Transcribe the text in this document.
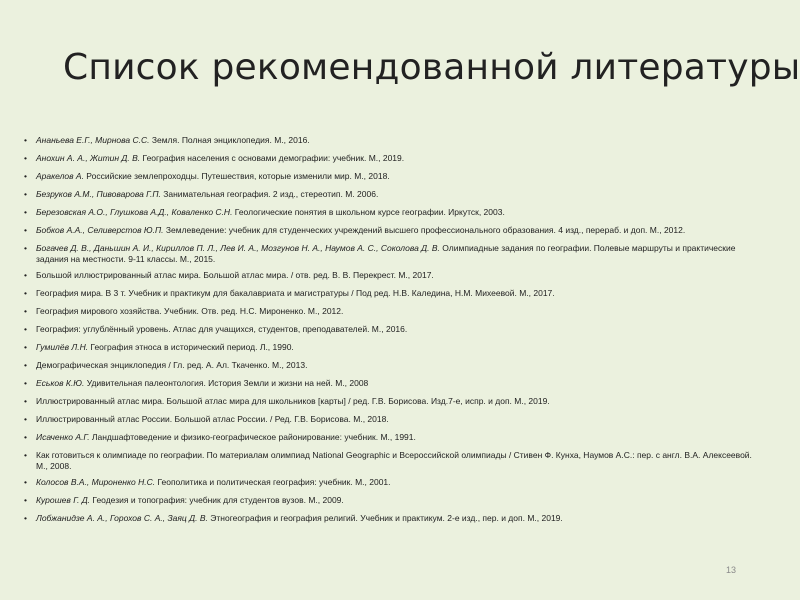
Список рекомендованной литературы
• Ананьева Е.Г., Мирнова С.С. Земля. Полная энциклопедия. М., 2016.
• Анохин А. А., Житин Д. В. География населения с основами демографии: учебник. М., 2019.
• Аракелов А. Российские землепроходцы. Путешествия, которые изменили мир. М., 2018.
• Безруков А.М., Пивоварова Г.П. Занимательная география. 2 изд., стереотип. М. 2006.
• Березовская А.О., Глушкова А.Д., Коваленко С.Н. Геологические понятия в школьном курсе географии. Иркутск, 2003.
• Бобков А.А., Селиверстов Ю.П. Землеведение: учебник для студенческих учреждений высшего профессионального образования. 4 изд., перераб. и доп. М., 2012.
• Богачев Д. В., Даньшин А. И., Кириллов П. Л., Лев И. А., Мозгунов Н. А., Наумов А. С., Соколова Д. В. Олимпиадные задания по географии. Полевые маршруты и практические задания на местности. 9-11 классы. М., 2015.
• Большой иллюстрированный атлас мира. Большой атлас мира. / отв. ред. В. В. Перекрест. М., 2017.
• География мира. В 3 т. Учебник и практикум для бакалавриата и магистратуры / Под ред. Н.В. Каледина, Н.М. Михеевой. М., 2017.
• География мирового хозяйства. Учебник. Отв. ред. Н.С. Мироненко. М., 2012.
• География: углублённый уровень. Атлас для учащихся, студентов, преподавателей. М., 2016.
• Гумилёв Л.Н. География этноса в исторический период. Л., 1990.
• Демографическая энциклопедия / Гл. ред. А. Ал. Ткаченко. М., 2013.
• Еськов К.Ю. Удивительная палеонтология. История Земли и жизни на ней. М., 2008
• Иллюстрированный атлас мира. Большой атлас мира для школьников [карты] / ред. Г.В. Борисова. Изд.7-е, испр. и доп. М., 2019.
• Иллюстрированный атлас России. Большой атлас России. / Ред. Г.В. Борисова. М., 2018.
• Исаченко А.Г. Ландшафтоведение и физико-географическое районирование: учебник. М., 1991.
• Как готовиться к олимпиаде по географии. По материалам олимпиад National Geographic и Всероссийской олимпиады / Стивен Ф. Кунха, Наумов А.С.: пер. с англ. В.А. Алексеевой. М., 2008.
• Колосов В.А., Мироненко Н.С. Геополитика и политическая география: учебник. М., 2001.
• Курошев Г. Д. Геодезия и топография: учебник для студентов вузов. М., 2009.
• Лобжанидзе А. А., Горохов С. А., Заяц Д. В. Этногеография и география религий. Учебник и практикум. 2-е изд., пер. и доп. М., 2019.
13
